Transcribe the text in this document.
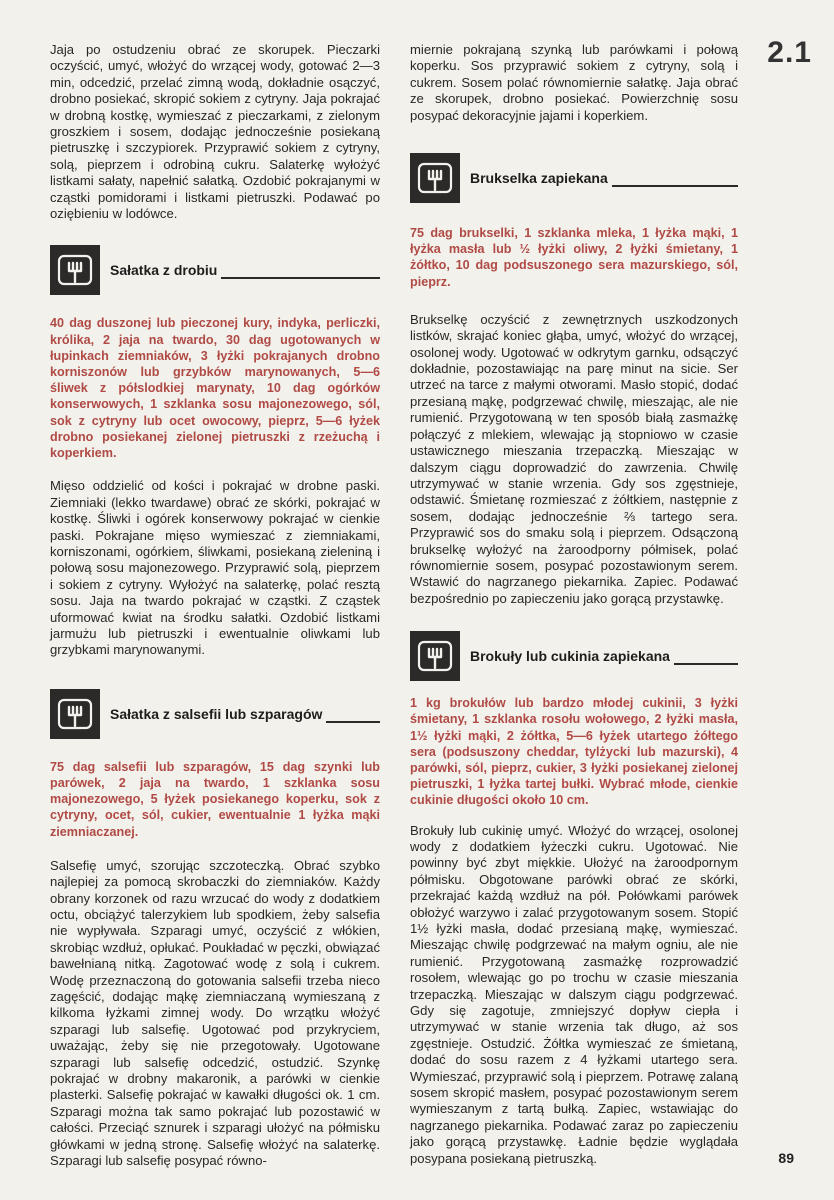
2.1

Jaja po ostudzeniu obrać ze skorupek. Pieczarki oczyścić, umyć, włożyć do wrzącej wody, gotować 2—3 min, odcedzić, przelać zimną wodą, dokładnie osączyć, drobno posiekać, skropić sokiem z cytryny. Jaja pokrajać w drobną kostkę, wymieszać z pieczarkami, z zielonym groszkiem i sosem, dodając jednocześnie posiekaną pietruszkę i szczypiorek. Przyprawić sokiem z cytryny, solą, pieprzem i odrobiną cukru. Salaterkę wyłożyć listkami sałaty, napełnić sałatką. Ozdobić pokrajanymi w cząstki pomidorami i listkami pietruszki. Podawać po oziębieniu w lodówce.

Sałatka z drobiu

40 dag duszonej lub pieczonej kury, indyka, perliczki, królika, 2 jaja na twardo, 30 dag ugotowanych w łupinkach ziemniaków, 3 łyżki pokrajanych drobno korniszonów lub grzybków marynowanych, 5—6 śliwek z półslodkiej marynaty, 10 dag ogórków konserwowych, 1 szklanka sosu majonezowego, sól, sok z cytryny lub ocet owocowy, pieprz, 5—6 łyżek drobno posiekanej zielonej pietruszki z rzeżuchą i koperkiem.

Mięso oddzielić od kości i pokrajać w drobne paski. Ziemniaki (lekko twardawe) obrać ze skórki, pokrajać w kostkę. Śliwki i ogórek konserwowy pokrajać w cienkie paski. Pokrajane mięso wymieszać z ziemniakami, korniszonami, ogórkiem, śliwkami, posiekaną zieleniną i połową sosu majonezowego. Przyprawić solą, pieprzem i sokiem z cytryny. Wyłożyć na salaterkę, polać resztą sosu. Jaja na twardo pokrajać w cząstki. Z cząstek uformować kwiat na środku sałatki. Ozdobić listkami jarmużu lub pietruszki i ewentualnie oliwkami lub grzybkami marynowanymi.

Sałatka z salsefii lub szparagów

75 dag salsefii lub szparagów, 15 dag szynki lub parówek, 2 jaja na twardo, 1 szklanka sosu majonezowego, 5 łyżek posiekanego koperku, sok z cytryny, ocet, sól, cukier, ewentualnie 1 łyżka mąki ziemniaczanej.

Salsefię umyć, szorując szczoteczką. Obrać szybko najlepiej za pomocą skrobaczki do ziemniaków. Każdy obrany korzonek od razu wrzucać do wody z dodatkiem octu, obciążyć talerzykiem lub spodkiem, żeby salsefia nie wypływała. Szparagi umyć, oczyścić z włókien, skrobiąc wzdłuż, opłukać. Poukładać w pęczki, obwiązać bawełnianą nitką. Zagotować wodę z solą i cukrem. Wodę przeznaczoną do gotowania salsefii trzeba nieco zagęścić, dodając mąkę ziemniaczaną wymieszaną z kilkoma łyżkami zimnej wody. Do wrzątku włożyć szparagi lub salsefię. Ugotować pod przykryciem, uważając, żeby się nie przegotowały. Ugotowane szparagi lub salsefię odcedzić, ostudzić. Szynkę pokrajać w drobny makaronik, a parówki w cienkie plasterki. Salsefię pokrajać w kawałki długości ok. 1 cm. Szparagi można tak samo pokrajać lub pozostawić w całości. Przeciąć sznurek i szparagi ułożyć na półmisku główkami w jedną stronę. Salsefię włożyć na salaterkę. Szparagi lub salsefię posypać równo-

miernie pokrajaną szynką lub parówkami i połową koperku. Sos przyprawić sokiem z cytryny, solą i cukrem. Sosem polać równomiernie sałatkę. Jaja obrać ze skorupek, drobno posiekać. Powierzchnię sosu posypać dekoracyjnie jajami i koperkiem.

Brukselka zapiekana

75 dag brukselki, 1 szklanka mleka, 1 łyżka mąki, 1 łyżka masła lub ½ łyżki oliwy, 2 łyżki śmietany, 1 żółtko, 10 dag podsuszonego sera mazurskiego, sól, pieprz.

Brukselkę oczyścić z zewnętrznych uszkodzonych listków, skrajać koniec głąba, umyć, włożyć do wrzącej, osolonej wody. Ugotować w odkrytym garnku, odsączyć dokładnie, pozostawiając na parę minut na sicie. Ser utrzeć na tarce z małymi otworami. Masło stopić, dodać przesianą mąkę, podgrzewać chwilę, mieszając, ale nie rumienić. Przygotowaną w ten sposób białą zasmażkę połączyć z mlekiem, wlewając ją stopniowo w czasie ustawicznego mieszania trzepaczką. Mieszając w dalszym ciągu doprowadzić do zawrzenia. Chwilę utrzymywać w stanie wrzenia. Gdy sos zgęstnieje, odstawić. Śmietanę rozmieszać z żółtkiem, następnie z sosem, dodając jednocześnie ⅔ tartego sera. Przyprawić sos do smaku solą i pieprzem. Odsączoną brukselkę wyłożyć na żaroodporny półmisek, polać równomiernie sosem, posypać pozostawionym serem. Wstawić do nagrzanego piekarnika. Zapiec. Podawać bezpośrednio po zapieczeniu jako gorącą przystawkę.

Brokuły lub cukinia zapiekana

1 kg brokułów lub bardzo młodej cukinii, 3 łyżki śmietany, 1 szklanka rosołu wołowego, 2 łyżki masła, 1½ łyżki mąki, 2 żółtka, 5—6 łyżek utartego żółtego sera (podsuszony cheddar, tylżycki lub mazurski), 4 parówki, sól, pieprz, cukier, 3 łyżki posiekanej zielonej pietruszki, 1 łyżka tartej bułki. Wybrać młode, cienkie cukinie długości około 10 cm.

Brokuły lub cukinię umyć. Włożyć do wrzącej, osolonej wody z dodatkiem łyżeczki cukru. Ugotować. Nie powinny być zbyt miękkie. Ułożyć na żaroodpornym półmisku. Obgotowane parówki obrać ze skórki, przekrajać każdą wzdłuż na pół. Połówkami parówek obłożyć warzywo i zalać przygotowanym sosem. Stopić 1½ łyżki masła, dodać przesianą mąkę, wymieszać. Mieszając chwilę podgrzewać na małym ogniu, ale nie rumienić. Przygotowaną zasmażkę rozprowadzić rosołem, wlewając go po trochu w czasie mieszania trzepaczką. Mieszając w dalszym ciągu podgrzewać. Gdy się zagotuje, zmniejszyć dopływ ciepła i utrzymywać w stanie wrzenia tak długo, aż sos zgęstnieje. Ostudzić. Żółtka wymieszać ze śmietaną, dodać do sosu razem z 4 łyżkami utartego sera. Wymieszać, przyprawić solą i pieprzem. Potrawę zalaną sosem skropić masłem, posypać pozostawionym serem wymieszanym z tartą bułką. Zapiec, wstawiając do nagrzanego piekarnika. Podawać zaraz po zapieczeniu jako gorącą przystawkę. Ładnie będzie wyglądała posypana posiekaną pietruszką.	89
